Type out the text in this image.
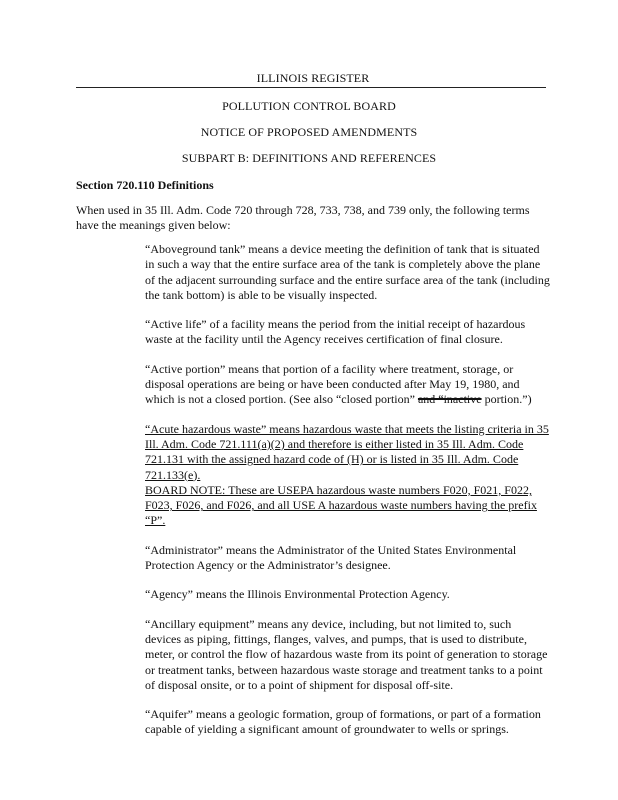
ILLINOIS REGISTER
POLLUTION CONTROL BOARD
NOTICE OF PROPOSED AMENDMENTS
SUBPART B: DEFINITIONS AND REFERENCES
Section 720.110 Definitions
When used in 35 Ill. Adm. Code 720 through 728, 733, 738, and 739 only, the following terms have the meanings given below:

“Aboveground tank” means a device meeting the definition of tank that is situated in such a way that the entire surface area of the tank is completely above the plane of the adjacent surrounding surface and the entire surface area of the tank (including the tank bottom) is able to be visually inspected.

“Active life” of a facility means the period from the initial receipt of hazardous waste at the facility until the Agency receives certification of final closure.

“Active portion” means that portion of a facility where treatment, storage, or disposal operations are being or have been conducted after May 19, 1980, and which is not a closed portion. (See also “closed portion” and “inactive portion.”)

“Acute hazardous waste” means hazardous waste that meets the listing criteria in 35 Ill. Adm. Code 721.111(a)(2) and therefore is either listed in 35 Ill. Adm. Code 721.131 with the assigned hazard code of (H) or is listed in 35 Ill. Adm. Code 721.133(e).
BOARD NOTE: These are USEPA hazardous waste numbers F020, F021, F022, F023, F026, and F026, and all USE A hazardous waste numbers having the prefix “P”.

“Administrator” means the Administrator of the United States Environmental Protection Agency or the Administrator’s designee.

“Agency” means the Illinois Environmental Protection Agency.

“Ancillary equipment” means any device, including, but not limited to, such devices as piping, fittings, flanges, valves, and pumps, that is used to distribute, meter, or control the flow of hazardous waste from its point of generation to storage or treatment tanks, between hazardous waste storage and treatment tanks to a point of disposal onsite, or to a point of shipment for disposal off-site.

“Aquifer” means a geologic formation, group of formations, or part of a formation capable of yielding a significant amount of groundwater to wells or springs.
